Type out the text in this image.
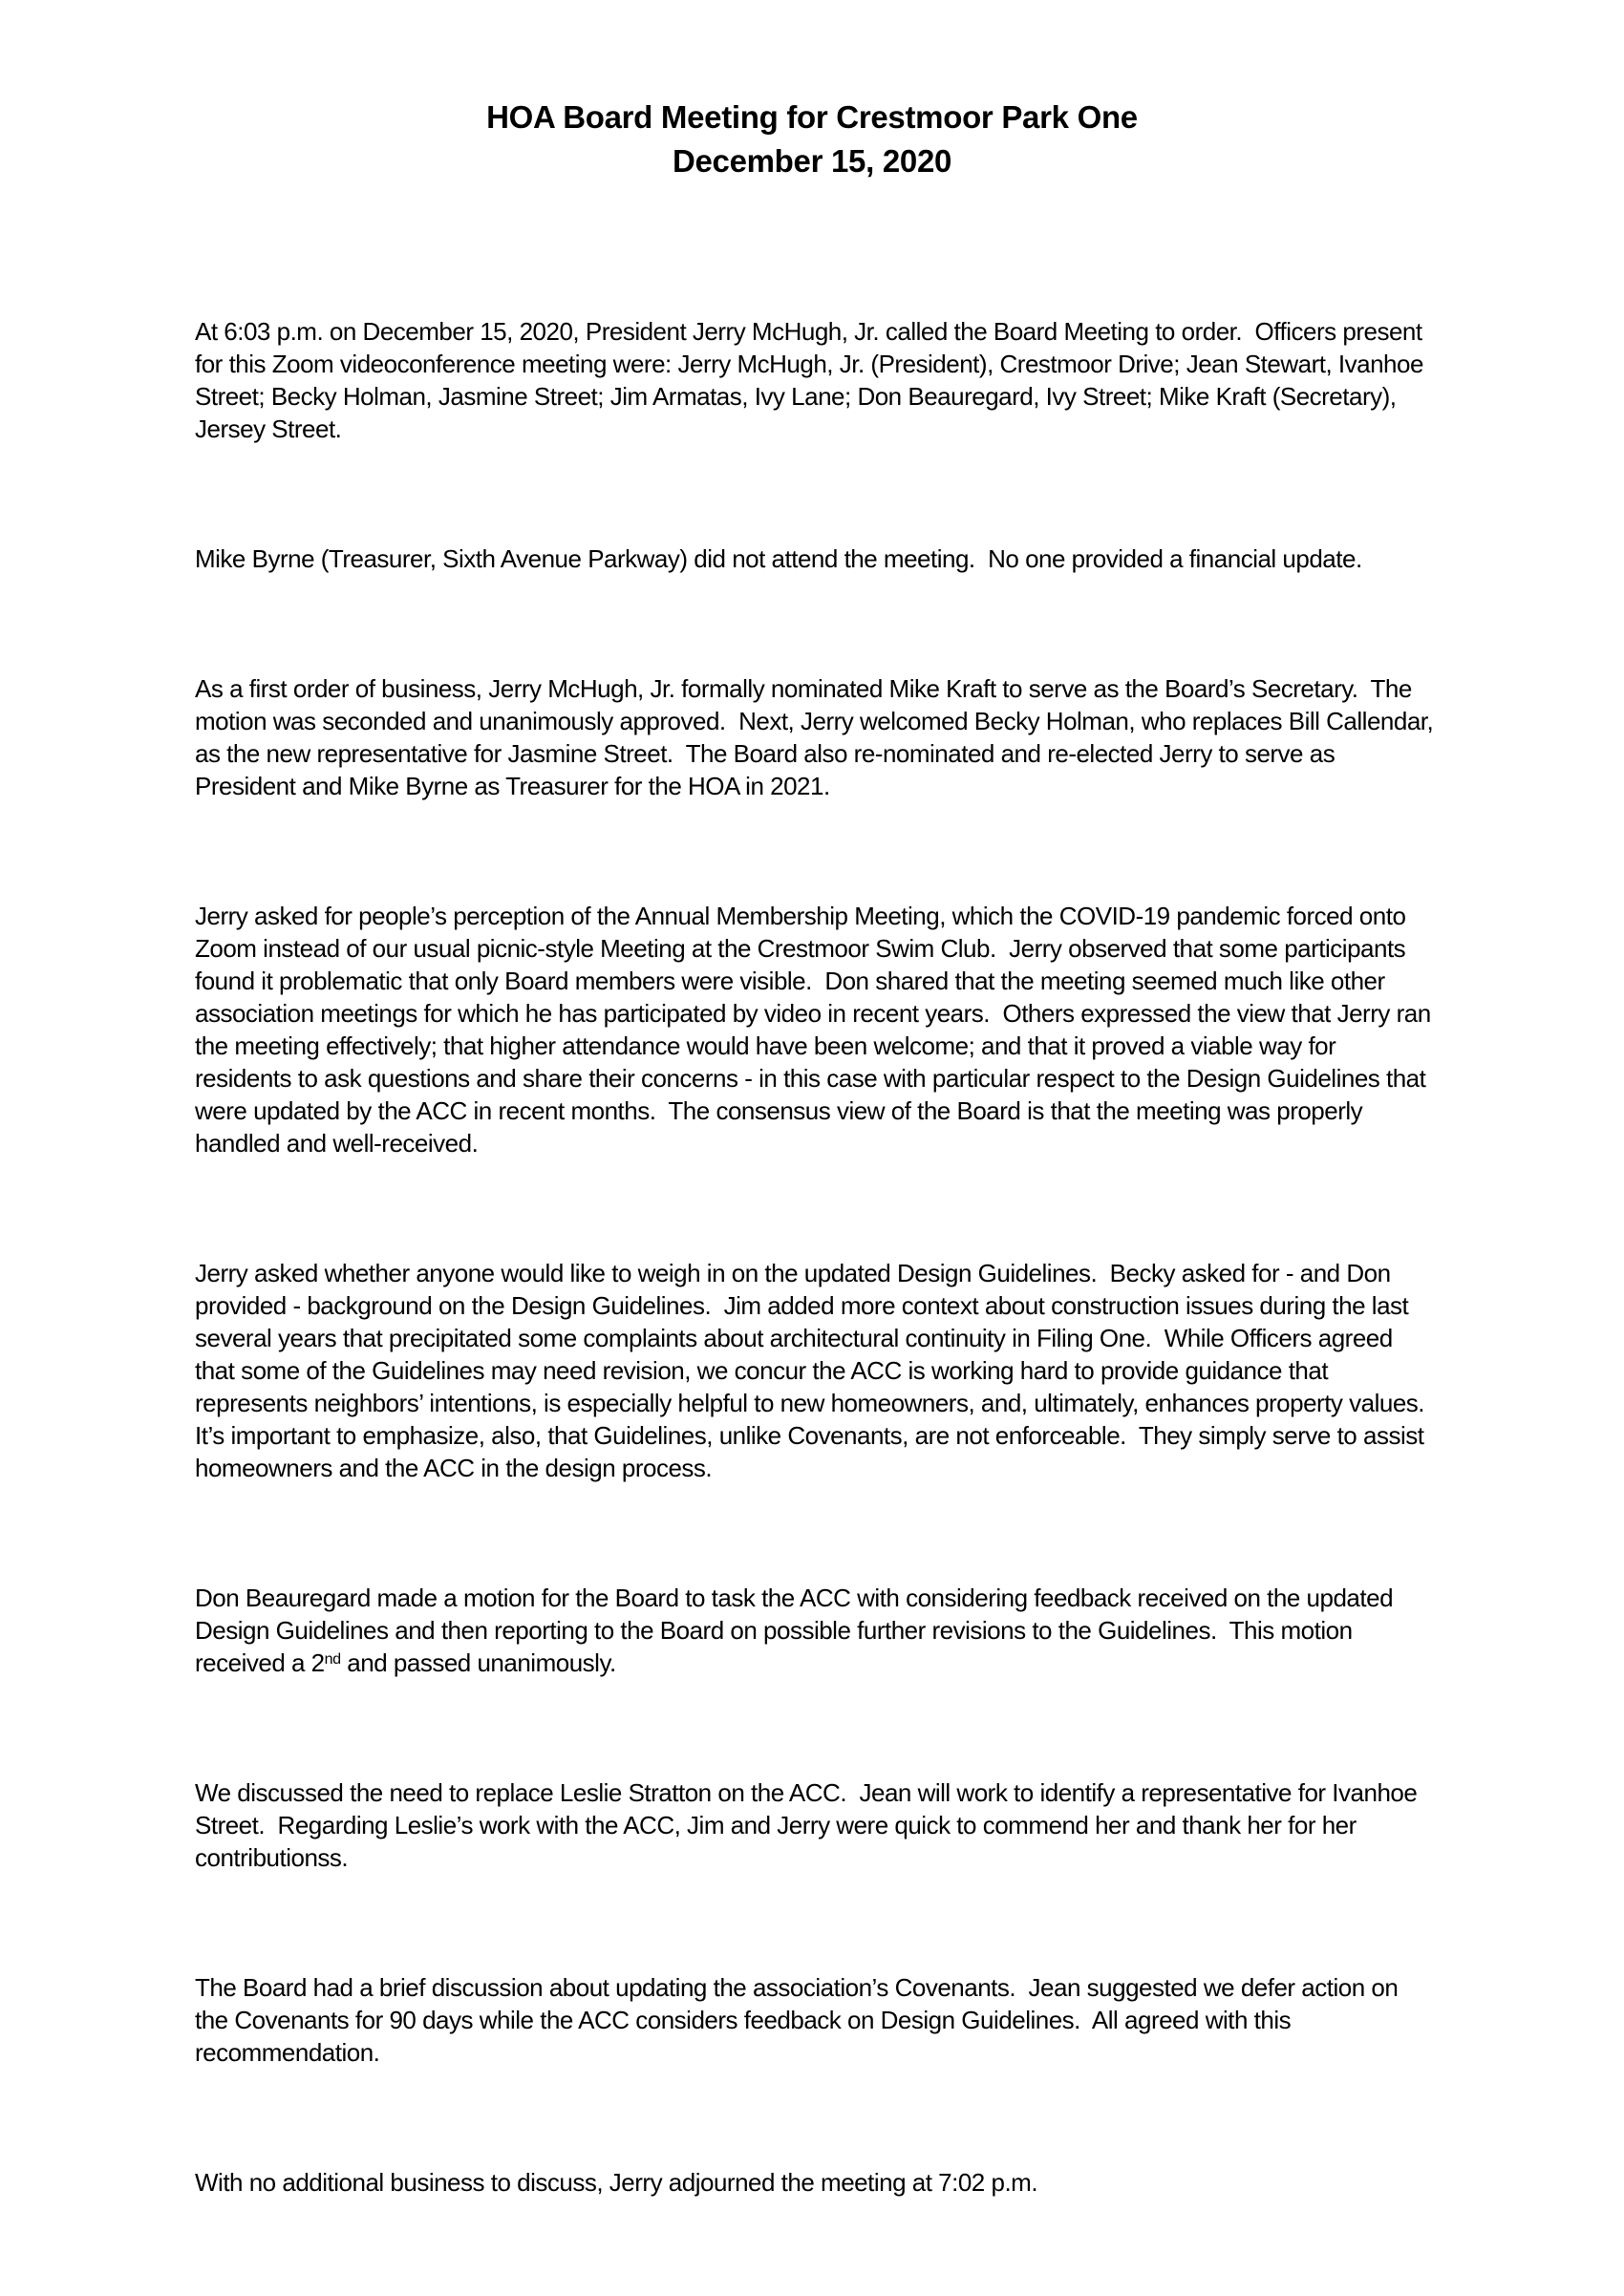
HOA Board Meeting for Crestmoor Park One
December 15, 2020

At 6:03 p.m. on December 15, 2020, President Jerry McHugh, Jr. called the Board Meeting to order.  Officers present for this Zoom videoconference meeting were: Jerry McHugh, Jr. (President), Crestmoor Drive; Jean Stewart, Ivanhoe Street; Becky Holman, Jasmine Street; Jim Armatas, Ivy Lane; Don Beauregard, Ivy Street; Mike Kraft (Secretary), Jersey Street.

Mike Byrne (Treasurer, Sixth Avenue Parkway) did not attend the meeting.  No one provided a financial update.

As a first order of business, Jerry McHugh, Jr. formally nominated Mike Kraft to serve as the Board’s Secretary.  The motion was seconded and unanimously approved.  Next, Jerry welcomed Becky Holman, who replaces Bill Callendar, as the new representative for Jasmine Street.  The Board also re-nominated and re-elected Jerry to serve as President and Mike Byrne as Treasurer for the HOA in 2021.

Jerry asked for people’s perception of the Annual Membership Meeting, which the COVID-19 pandemic forced onto Zoom instead of our usual picnic-style Meeting at the Crestmoor Swim Club.  Jerry observed that some participants found it problematic that only Board members were visible.  Don shared that the meeting seemed much like other association meetings for which he has participated by video in recent years.  Others expressed the view that Jerry ran the meeting effectively; that higher attendance would have been welcome; and that it proved a viable way for residents to ask questions and share their concerns - in this case with particular respect to the Design Guidelines that were updated by the ACC in recent months.  The consensus view of the Board is that the meeting was properly handled and well-received.

Jerry asked whether anyone would like to weigh in on the updated Design Guidelines.  Becky asked for - and Don provided - background on the Design Guidelines.  Jim added more context about construction issues during the last several years that precipitated some complaints about architectural continuity in Filing One.  While Officers agreed that some of the Guidelines may need revision, we concur the ACC is working hard to provide guidance that represents neighbors’ intentions, is especially helpful to new homeowners, and, ultimately, enhances property values. It’s important to emphasize, also, that Guidelines, unlike Covenants, are not enforceable.  They simply serve to assist homeowners and the ACC in the design process.

Don Beauregard made a motion for the Board to task the ACC with considering feedback received on the updated Design Guidelines and then reporting to the Board on possible further revisions to the Guidelines.  This motion received a 2nd and passed unanimously.

We discussed the need to replace Leslie Stratton on the ACC.  Jean will work to identify a representative for Ivanhoe Street.  Regarding Leslie’s work with the ACC, Jim and Jerry were quick to commend her and thank her for her contributionss.

The Board had a brief discussion about updating the association’s Covenants.  Jean suggested we defer action on the Covenants for 90 days while the ACC considers feedback on Design Guidelines.  All agreed with this recommendation.

With no additional business to discuss, Jerry adjourned the meeting at 7:02 p.m.
